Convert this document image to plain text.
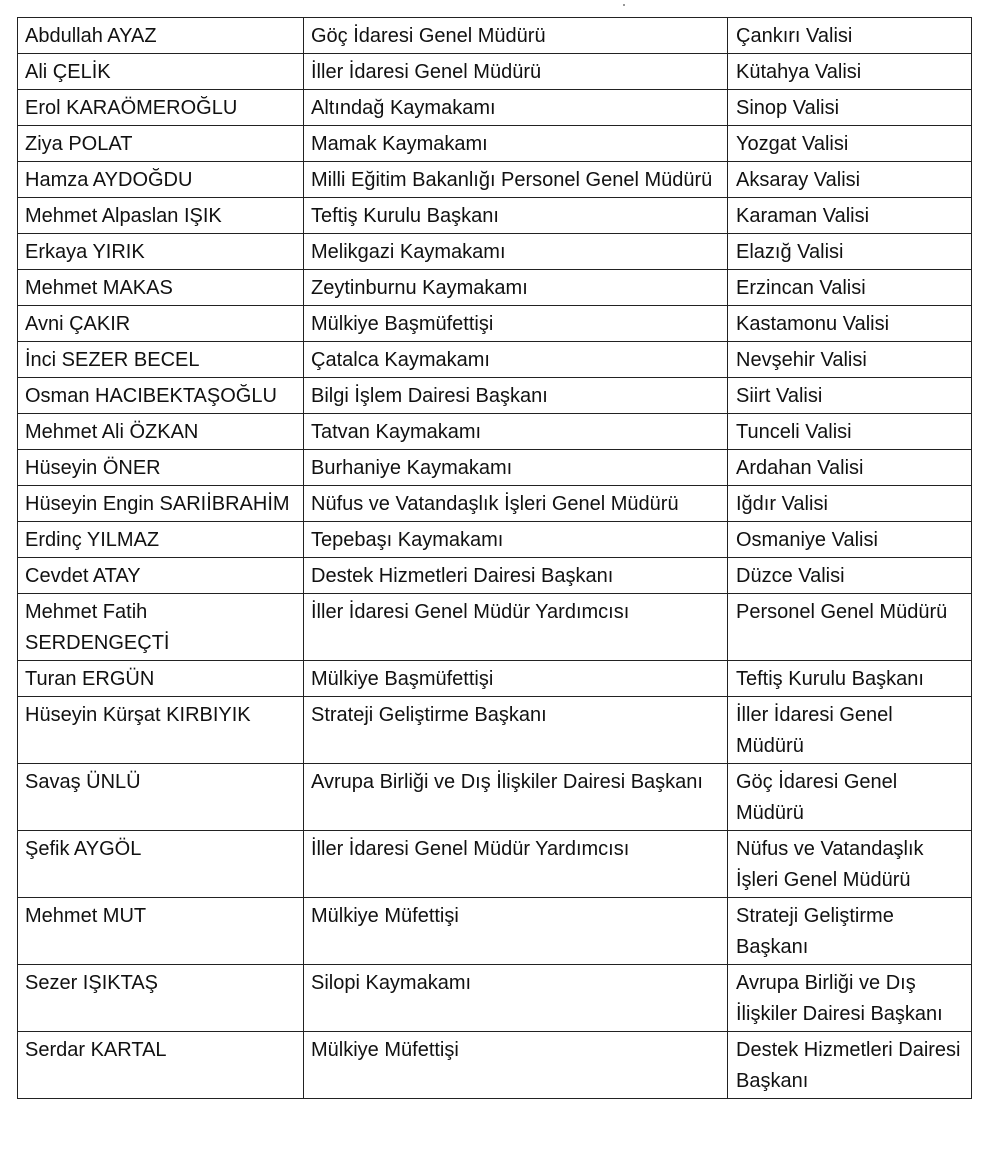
Abdullah AYAZ	Göç İdaresi Genel Müdürü	Çankırı Valisi
Ali ÇELİK	İller İdaresi Genel Müdürü	Kütahya Valisi
Erol KARAÖMEROĞLU	Altındağ Kaymakamı	Sinop Valisi
Ziya POLAT	Mamak Kaymakamı	Yozgat Valisi
Hamza AYDOĞDU	Milli Eğitim Bakanlığı Personel Genel Müdürü	Aksaray Valisi
Mehmet Alpaslan IŞIK	Teftiş Kurulu Başkanı	Karaman Valisi
Erkaya YIRIK	Melikgazi Kaymakamı	Elazığ Valisi
Mehmet MAKAS	Zeytinburnu Kaymakamı	Erzincan Valisi
Avni ÇAKIR	Mülkiye Başmüfettişi	Kastamonu Valisi
İnci SEZER BECEL	Çatalca Kaymakamı	Nevşehir Valisi
Osman HACIBEKTAŞOĞLU	Bilgi İşlem Dairesi Başkanı	Siirt Valisi
Mehmet Ali ÖZKAN	Tatvan Kaymakamı	Tunceli Valisi
Hüseyin ÖNER	Burhaniye Kaymakamı	Ardahan Valisi
Hüseyin Engin SARIİBRAHİM	Nüfus ve Vatandaşlık İşleri Genel Müdürü	Iğdır Valisi
Erdinç YILMAZ	Tepebaşı Kaymakamı	Osmaniye Valisi
Cevdet ATAY	Destek Hizmetleri Dairesi Başkanı	Düzce Valisi
Mehmet Fatih SERDENGEÇTİ	İller İdaresi Genel Müdür Yardımcısı	Personel Genel Müdürü
Turan ERGÜN	Mülkiye Başmüfettişi	Teftiş Kurulu Başkanı
Hüseyin Kürşat KIRBIYIK	Strateji Geliştirme Başkanı	İller İdaresi Genel Müdürü
Savaş ÜNLÜ	Avrupa Birliği ve Dış İlişkiler Dairesi Başkanı	Göç İdaresi Genel Müdürü
Şefik AYGÖL	İller İdaresi Genel Müdür Yardımcısı	Nüfus ve Vatandaşlık İşleri Genel Müdürü
Mehmet MUT	Mülkiye Müfettişi	Strateji Geliştirme Başkanı
Sezer IŞIKTAŞ	Silopi Kaymakamı	Avrupa Birliği ve Dış İlişkiler Dairesi Başkanı
Serdar KARTAL	Mülkiye Müfettişi	Destek Hizmetleri Dairesi Başkanı
